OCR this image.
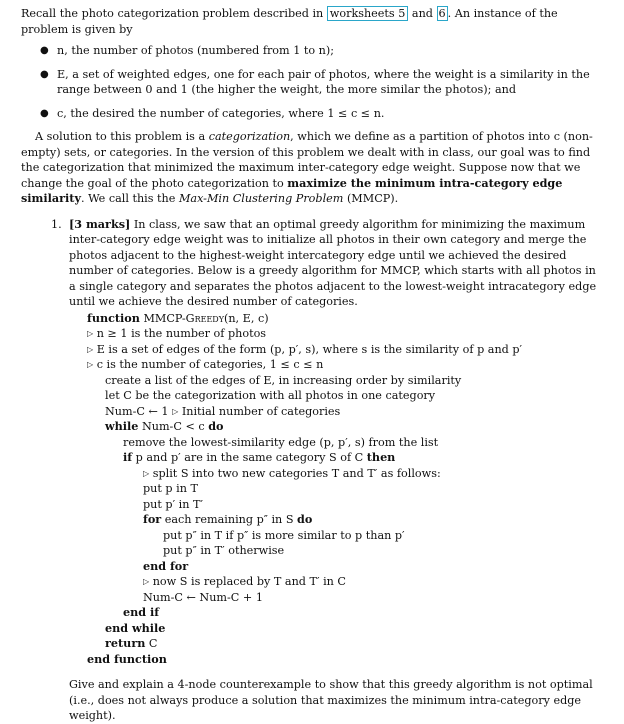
Recall the photo categorization problem described in worksheets 5 and 6 . An instance of the problem is given by

● n, the number of photos (numbered from 1 to n);
● E, a set of weighted edges, one for each pair of photos, where the weight is a similarity in the range between 0 and 1 (the higher the weight, the more similar the photos); and
● c, the desired the number of categories, where 1 ≤ c ≤ n.

A solution to this problem is a categorization, which we define as a partition of photos into c (non-empty) sets, or categories. In the version of this problem we dealt with in class, our goal was to find the categorization that minimized the maximum inter-category edge weight. Suppose now that we change the goal of the photo categorization to maximize the minimum intra-category edge similarity. We call this the Max-Min Clustering Problem (MMCP).

1. [3 marks] In class, we saw that an optimal greedy algorithm for minimizing the maximum inter-category edge weight was to initialize all photos in their own category and merge the photos adjacent to the highest-weight intercategory edge until we achieved the desired number of categories. Below is a greedy algorithm for MMCP, which starts with all photos in a single category and separates the photos adjacent to the lowest-weight intracategory edge until we achieve the desired number of categories.

function MMCP-Greedy(n, E, c)
▷ n ≥ 1 is the number of photos
▷ E is a set of edges of the form (p, p′, s), where s is the similarity of p and p′
▷ c is the number of categories, 1 ≤ c ≤ n
create a list of the edges of E, in increasing order by similarity
let C be the categorization with all photos in one category
Num-C ← 1 ▷ Initial number of categories
while Num-C < c do
remove the lowest-similarity edge (p, p′, s) from the list
if p and p′ are in the same category S of C then
▷ split S into two new categories T and T′ as follows:
put p in T
put p′ in T′
for each remaining p″ in S do
put p″ in T if p″ is more similar to p than p′
put p″ in T′ otherwise
end for
▷ now S is replaced by T and T′ in C
Num-C ← Num-C + 1
end if
end while
return C
end function

Give and explain a 4-node counterexample to show that this greedy algorithm is not optimal (i.e., does not always produce a solution that maximizes the minimum intra-category edge weight).
